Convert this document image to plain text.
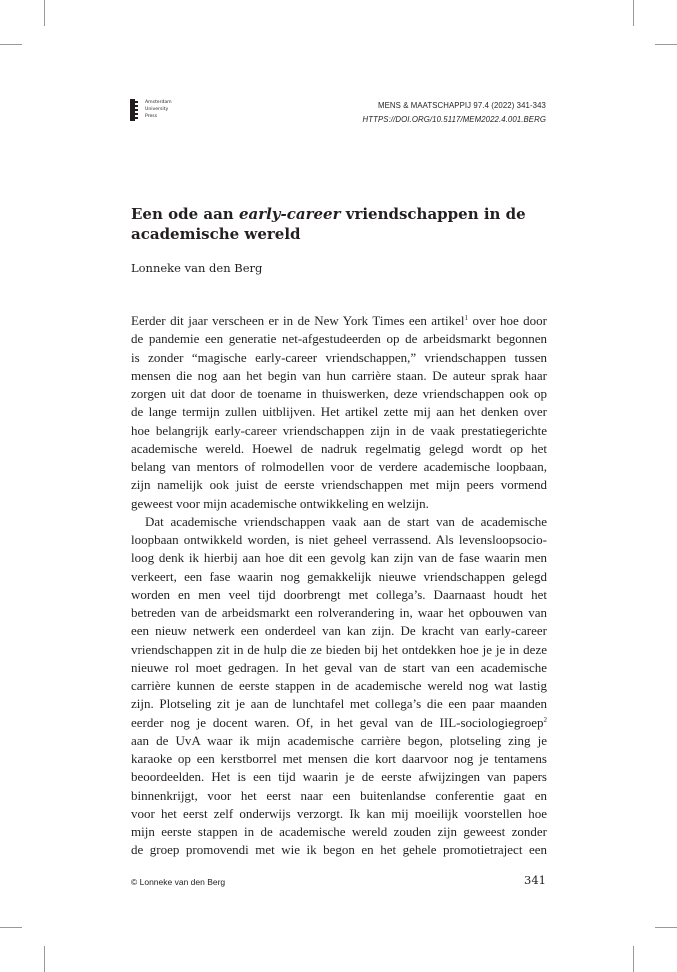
Amsterdam
University
Press
MENS & MAATSCHAPPIJ 97.4 (2022) 341-343
HTTPS://DOI.ORG/10.5117/MEM2022.4.001.BERG
Een ode aan early-career vriendschappen in de
academische wereld
Lonneke van den Berg
Eerder dit jaar verscheen er in de New York Times een artikel$^1$ over hoe door
de pandemie een generatie net-afgestudeerden op de arbeidsmarkt begonnen
is zonder “magische early-career vriendschappen,” vriendschappen tussen
mensen die nog aan het begin van hun carrière staan. De auteur sprak haar
zorgen uit dat door de toename in thuiswerken, deze vriendschappen ook op
de lange termijn zullen uitblijven. Het artikel zette mij aan het denken over
hoe belangrijk early-career vriendschappen zijn in de vaak prestatiegerichte
academische wereld. Hoewel de nadruk regelmatig gelegd wordt op het
belang van mentors of rolmodellen voor de verdere academische loopbaan,
zijn namelijk ook juist de eerste vriendschappen met mijn peers vormend
geweest voor mijn academische ontwikkeling en welzijn.
Dat academische vriendschappen vaak aan de start van de academische
loopbaan ontwikkeld worden, is niet geheel verrassend. Als levensloopsocio-
loog denk ik hierbij aan hoe dit een gevolg kan zijn van de fase waarin men
verkeert, een fase waarin nog gemakkelijk nieuwe vriendschappen gelegd
worden en men veel tijd doorbrengt met collega’s. Daarnaast houdt het
betreden van de arbeidsmarkt een rolverandering in, waar het opbouwen van
een nieuw netwerk een onderdeel van kan zijn. De kracht van early-career
vriendschappen zit in de hulp die ze bieden bij het ontdekken hoe je je in deze
nieuwe rol moet gedragen. In het geval van de start van een academische
carrière kunnen de eerste stappen in de academische wereld nog wat lastig
zijn. Plotseling zit je aan de lunchtafel met collega’s die een paar maanden
eerder nog je docent waren. Of, in het geval van de IIL-sociologiegroep$^2$
aan de UvA waar ik mijn academische carrière begon, plotseling zing je
karaoke op een kerstborrel met mensen die kort daarvoor nog je tentamens
beoordeelden. Het is een tijd waarin je de eerste afwijzingen van papers
binnenkrijgt, voor het eerst naar een buitenlandse conferentie gaat en
voor het eerst zelf onderwijs verzorgt. Ik kan mij moeilijk voorstellen hoe
mijn eerste stappen in de academische wereld zouden zijn geweest zonder
de groep promovendi met wie ik begon en het gehele promotietraject een
© Lonneke van den Berg	341
